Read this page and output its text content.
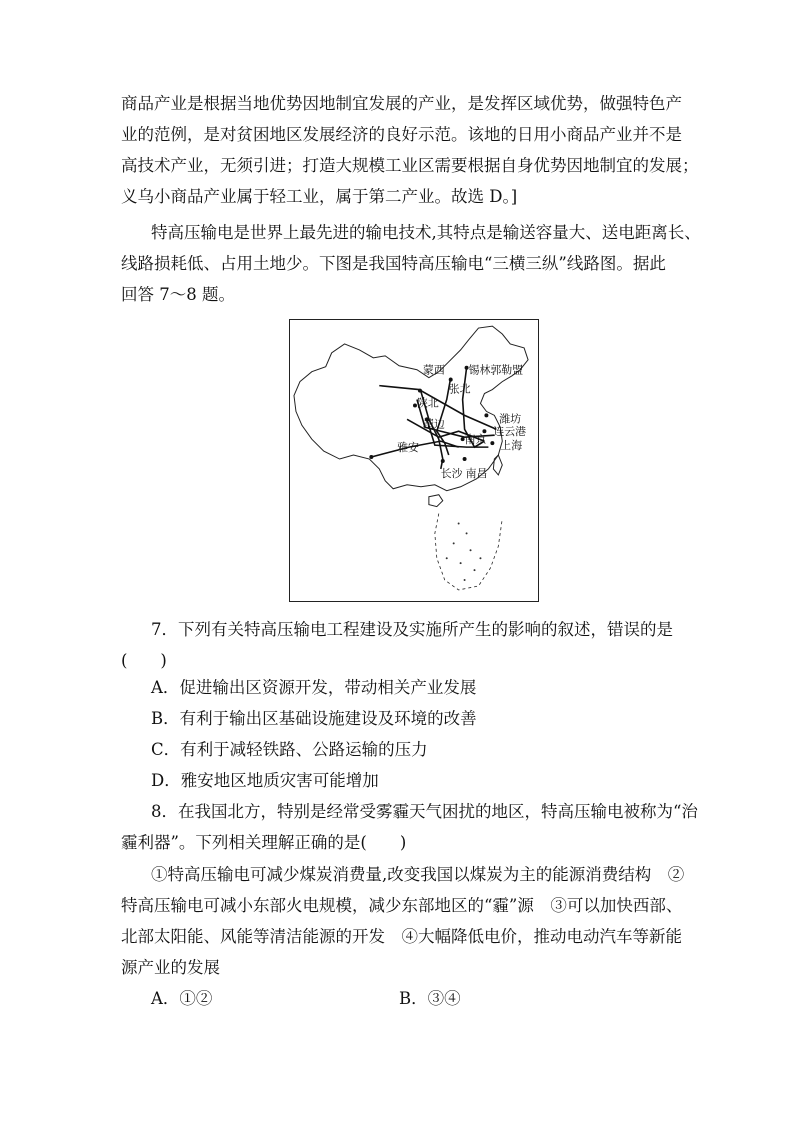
商品产业是根据当地优势因地制宜发展的产业，是发挥区域优势，做强特色产
业的范例，是对贫困地区发展经济的良好示范。该地的日用小商品产业并不是
高技术产业，无须引进；打造大规模工业区需要根据自身优势因地制宜的发展；
义乌小商品产业属于轻工业，属于第二产业。故选 D。]
特高压输电是世界上最先进的输电技术,其特点是输送容量大、送电距离长、
线路损耗低、占用土地少。下图是我国特高压输电“三横三纵”线路图。据此
回答 7～8 题。
蒙西 锡林郭勒盟
张北
陕北
靖边	潍坊
连云港
南京 上海
雅安
长沙 南昌
7．下列有关特高压输电工程建设及实施所产生的影响的叙述，错误的是
(　　)
A．促进输出区资源开发，带动相关产业发展
B．有利于输出区基础设施建设及环境的改善
C．有利于减轻铁路、公路运输的压力
D．雅安地区地质灾害可能增加
8．在我国北方，特别是经常受雾霾天气困扰的地区，特高压输电被称为“治
霾利器”。下列相关理解正确的是(　　)
①特高压输电可减少煤炭消费量,改变我国以煤炭为主的能源消费结构　②
特高压输电可减小东部火电规模，减少东部地区的“霾”源　③可以加快西部、
北部太阳能、风能等清洁能源的开发　④大幅降低电价，推动电动汽车等新能
源产业的发展
A．①②	B．③④
